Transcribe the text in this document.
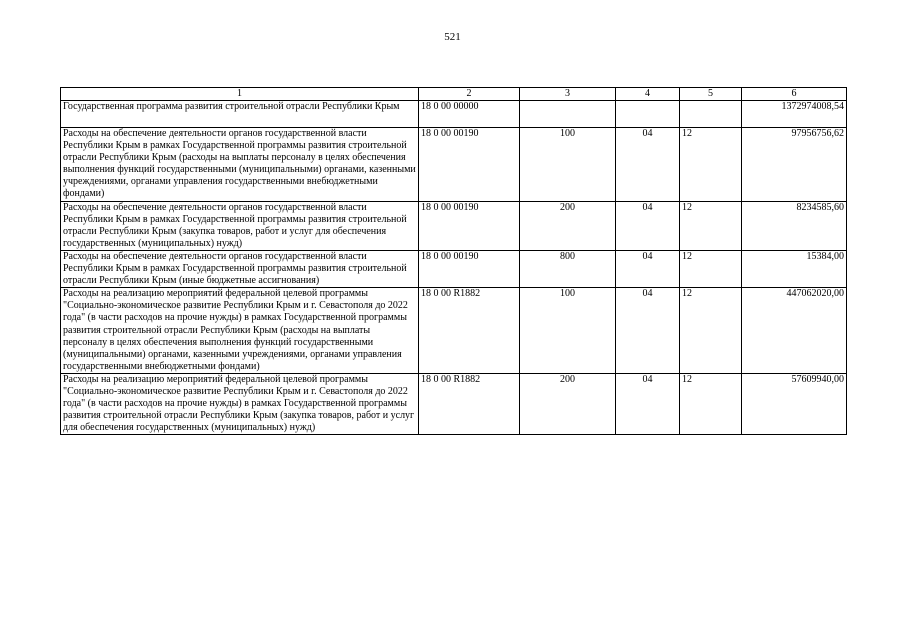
521
1	2	3	4	5	6
Государственная программа развития строительной отрасли Республики Крым	18 0 00 00000				1372974008,54
Расходы на обеспечение деятельности органов государственной власти Республики Крым в рамках Государственной программы развития строительной отрасли Республики Крым (расходы на выплаты персоналу в целях обеспечения выполнения функций государственными (муниципальными) органами, казенными учреждениями, органами управления государственными внебюджетными фондами)	18 0 00 00190	100	04	12	97956756,62
Расходы на обеспечение деятельности органов государственной власти Республики Крым в рамках Государственной программы развития строительной отрасли Республики Крым (закупка товаров, работ и услуг для обеспечения государственных (муниципальных) нужд)	18 0 00 00190	200	04	12	8234585,60
Расходы на обеспечение деятельности органов государственной власти Республики Крым в рамках Государственной программы развития строительной отрасли Республики Крым (иные бюджетные ассигнования)	18 0 00 00190	800	04	12	15384,00
Расходы на реализацию мероприятий федеральной целевой программы "Социально-экономическое развитие Республики Крым и г. Севастополя до 2022 года" (в части расходов на прочие нужды) в рамках Государственной программы развития строительной отрасли Республики Крым (расходы на выплаты персоналу в целях обеспечения выполнения функций государственными (муниципальными) органами, казенными учреждениями, органами управления государственными внебюджетными фондами)	18 0 00 R1882	100	04	12	447062020,00
Расходы на реализацию мероприятий федеральной целевой программы "Социально-экономическое развитие Республики Крым и г. Севастополя до 2022 года" (в части расходов на прочие нужды) в рамках Государственной программы развития строительной отрасли Республики Крым (закупка товаров, работ и услуг для обеспечения государственных (муниципальных) нужд)	18 0 00 R1882	200	04	12	57609940,00
